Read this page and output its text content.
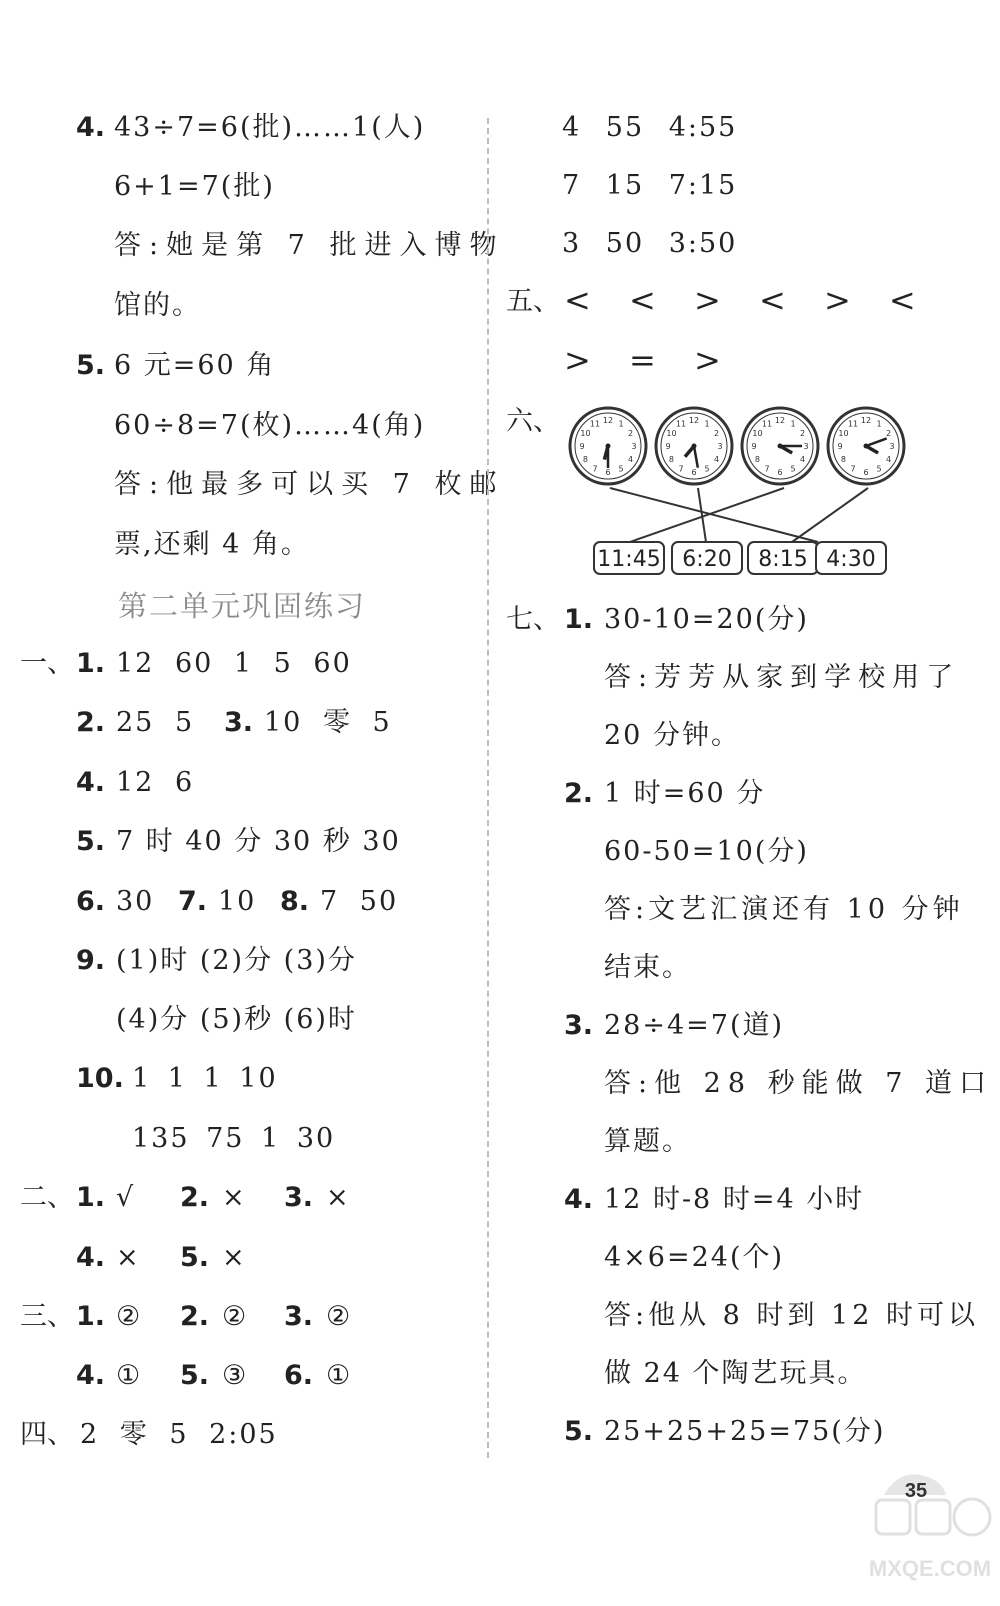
4. 43÷7=6(批)……1(人)
6+1=7(批)
答:她是第 7 批进入博物
馆的。
5. 6 元=60 角
60÷8=7(枚)……4(角)
答:他最多可以买 7 枚邮
票,还剩 4 角。
第二单元巩固练习
一、 1. 12 60 1 5 60
2. 25 5 3. 10 零 5
4. 12 6
5. 7 时 40 分 30 秒 30
6. 30 7. 10 8. 7 50
9. (1)时 (2)分 (3)分
(4)分 (5)秒 (6)时
10. 1 1 1 10
135 75 1 30
二、 1. √ 2. × 3. ×
4. × 5. ×
三、 1. ② 2. ② 3. ②
4. ① 5. ③ 6. ①
四、 2 零 5 2:05
4 55 4:55
7 15 7:15
3 50 3:50
五、 < < > < > <
> = >
六、	1
2
3
4
5
6
7
8
9
10
11 12	1
2
3
4
5
6
7
8
9
10
11 12	1
2
3
4
5
6
7
8
9
10
11 12	1
2
3
4
5
6
7
8
9
10
11 12
11:45 6:20 8:15 4:30
七、 1. 30-10=20(分)
答:芳芳从家到学校用了
20 分钟。
2. 1 时=60 分
60-50=10(分)
答:文艺汇演还有 10 分钟
结束。
3. 28÷4=7(道)
答:他 28 秒能做 7 道口
算题。
4. 12 时-8 时=4 小时
4×6=24(个)
答:他从 8 时到 12 时可以
做 24 个陶艺玩具。
5. 25+25+25=75(分)
35
MXQE.COM
